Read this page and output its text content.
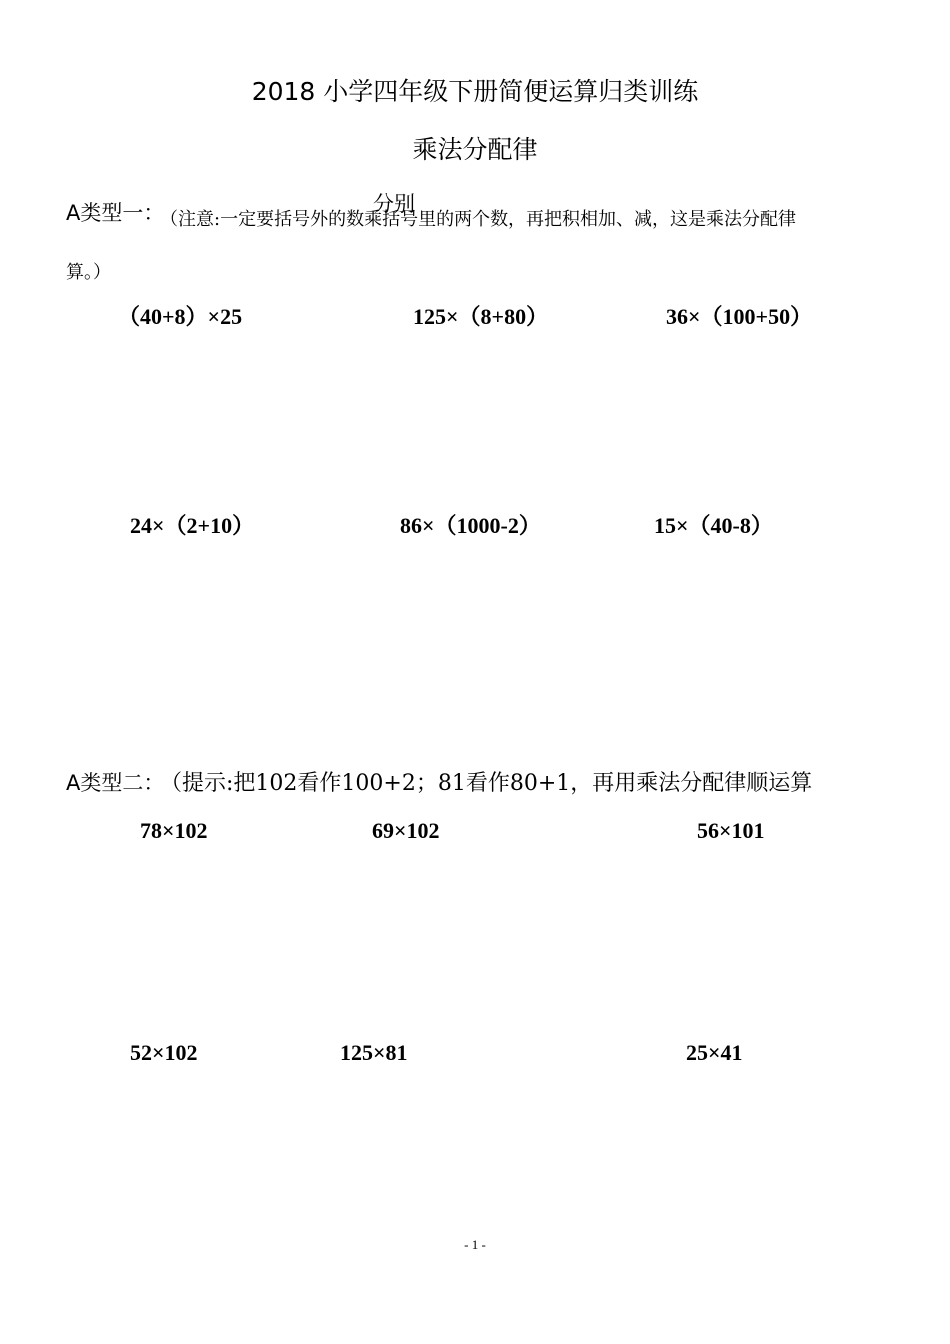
2018 小学四年级下册简便运算归类训练
乘法分配律
A类型一：
（注意:一定要括号外的数乘括号里的两个数，再把积相加、减，这是乘法分配律
分别
算。）
（40+8）×25	125×（8+80）	36×（100+50）
24×（2+10）	86×（1000-2）	15×（40-8）
A类型二：
（提示:把102看作100+2；81看作80+1，再用乘法分配律顺运算
78×102	69×102	56×101
52×102	125×81	25×41
- 1 -
